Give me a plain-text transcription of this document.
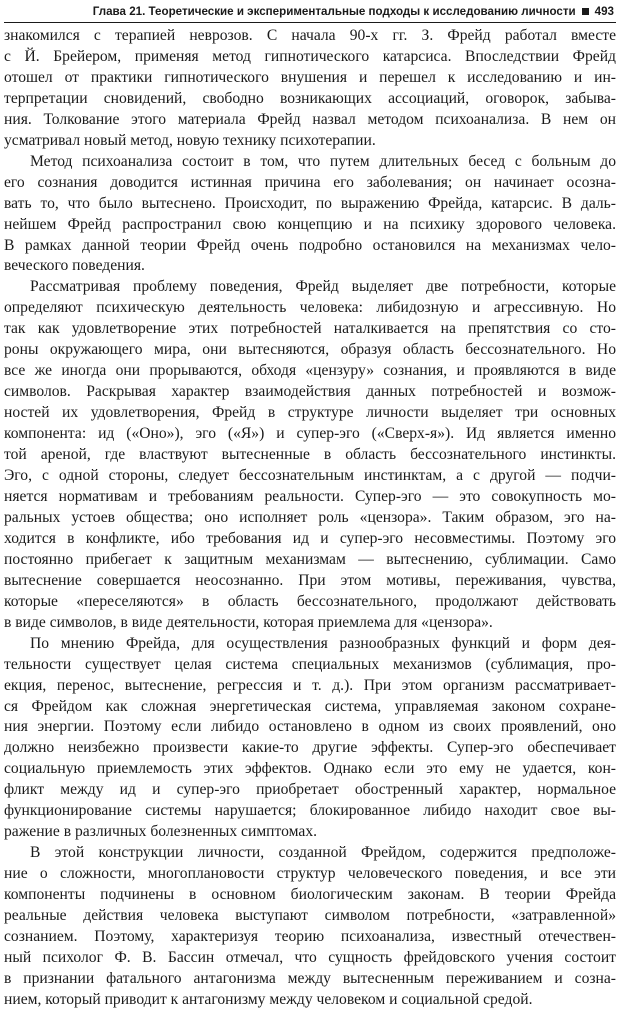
Глава 21. Теоретические и экспериментальные подходы к исследованию личности 493
знакомился с терапией неврозов. С начала 90-х гг. З. Фрейд работал вместе
с Й. Брейером, применяя метод гипнотического катарсиса. Впоследствии Фрейд
отошел от практики гипнотического внушения и перешел к исследованию и ин-
терпретации сновидений, свободно возникающих ассоциаций, оговорок, забыва-
ния. Толкование этого материала Фрейд назвал методом психоанализа. В нем он
усматривал новый метод, новую технику психотерапии.
Метод психоанализа состоит в том, что путем длительных бесед с больным до
его сознания доводится истинная причина его заболевания; он начинает осозна-
вать то, что было вытеснено. Происходит, по выражению Фрейда, катарсис. В даль-
нейшем Фрейд распространил свою концепцию и на психику здорового человека.
В рамках данной теории Фрейд очень подробно остановился на механизмах чело-
веческого поведения.
Рассматривая проблему поведения, Фрейд выделяет две потребности, которые
определяют психическую деятельность человека: либидозную и агрессивную. Но
так как удовлетворение этих потребностей наталкивается на препятствия со сто-
роны окружающего мира, они вытесняются, образуя область бессознательного. Но
все же иногда они прорываются, обходя «цензуру» сознания, и проявляются в виде
символов. Раскрывая характер взаимодействия данных потребностей и возмож-
ностей их удовлетворения, Фрейд в структуре личности выделяет три основных
компонента: ид («Оно»), эго («Я») и супер-эго («Сверх-я»). Ид является именно
той ареной, где властвуют вытесненные в область бессознательного инстинкты.
Эго, с одной стороны, следует бессознательным инстинктам, а с другой — подчи-
няется нормативам и требованиям реальности. Супер-эго — это совокупность мо-
ральных устоев общества; оно исполняет роль «цензора». Таким образом, эго на-
ходится в конфликте, ибо требования ид и супер-эго несовместимы. Поэтому эго
постоянно прибегает к защитным механизмам — вытеснению, сублимации. Само
вытеснение совершается неосознанно. При этом мотивы, переживания, чувства,
которые «переселяются» в область бессознательного, продолжают действовать
в виде символов, в виде деятельности, которая приемлема для «цензора».
По мнению Фрейда, для осуществления разнообразных функций и форм дея-
тельности существует целая система специальных механизмов (сублимация, про-
екция, перенос, вытеснение, регрессия и т. д.). При этом организм рассматривает-
ся Фрейдом как сложная энергетическая система, управляемая законом сохране-
ния энергии. Поэтому если либидо остановлено в одном из своих проявлений, оно
должно неизбежно произвести какие-то другие эффекты. Супер-эго обеспечивает
социальную приемлемость этих эффектов. Однако если это ему не удается, кон-
фликт между ид и супер-эго приобретает обостренный характер, нормальное
функционирование системы нарушается; блокированное либидо находит свое вы-
ражение в различных болезненных симптомах.
В этой конструкции личности, созданной Фрейдом, содержится предположе-
ние о сложности, многоплановости структур человеческого поведения, и все эти
компоненты подчинены в основном биологическим законам. В теории Фрейда
реальные действия человека выступают символом потребности, «затравленной»
сознанием. Поэтому, характеризуя теорию психоанализа, известный отечествен-
ный психолог Ф. В. Бассин отмечал, что сущность фрейдовского учения состоит
в признании фатального антагонизма между вытесненным переживанием и созна-
нием, который приводит к антагонизму между человеком и социальной средой.
